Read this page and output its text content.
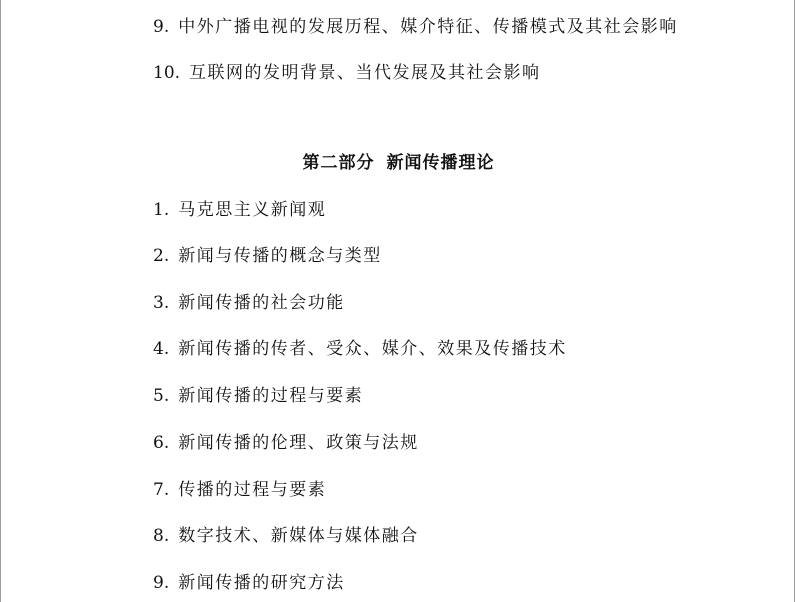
9. 中外广播电视的发展历程、媒介特征、传播模式及其社会影响
10. 互联网的发明背景、当代发展及其社会影响
第二部分 新闻传播理论
1. 马克思主义新闻观
2. 新闻与传播的概念与类型
3. 新闻传播的社会功能
4. 新闻传播的传者、受众、媒介、效果及传播技术
5. 新闻传播的过程与要素
6. 新闻传播的伦理、政策与法规
7. 传播的过程与要素
8. 数字技术、新媒体与媒体融合
9. 新闻传播的研究方法
